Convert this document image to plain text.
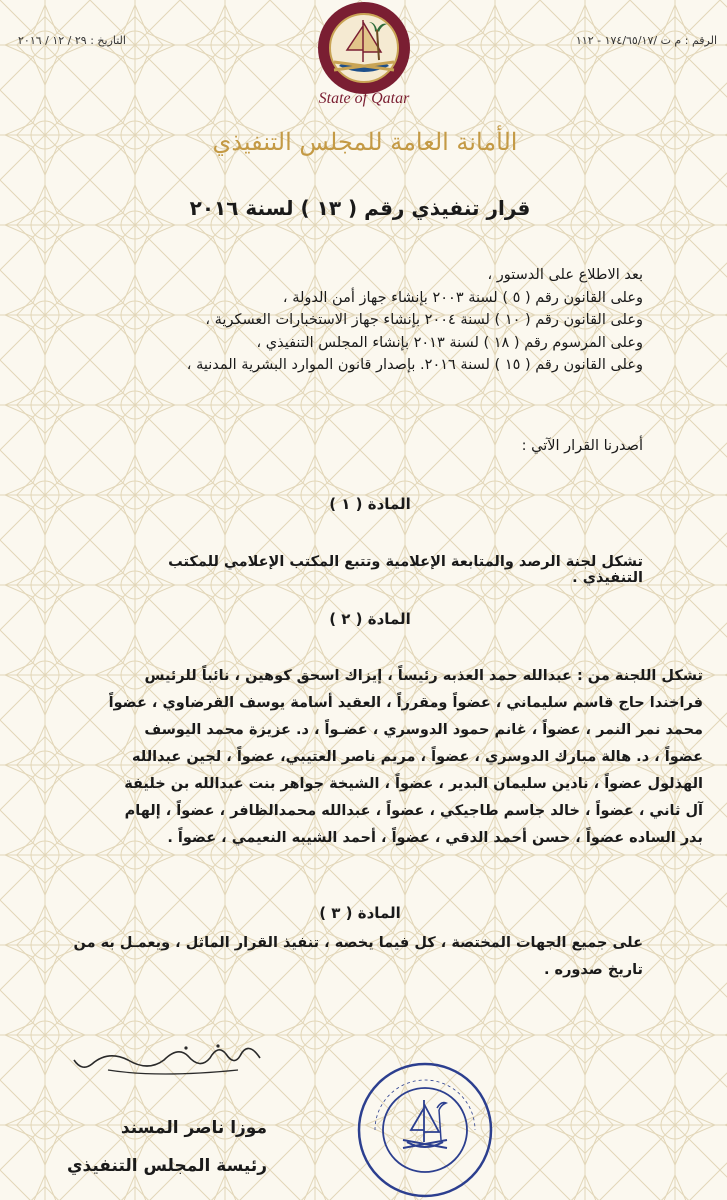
الرقم : م ت /١٧٤/٦٥/١٧ - ١١٢
التاريخ : ٢٩ / ١٢ / ٢٠١٦
State of Qatar
الأمانة العامة للمجلس التنفيذي
قرار تنفيذي رقم ( ١٣ ) لسنة ٢٠١٦
بعد الاطلاع على الدستور ،
وعلى القانون رقم ( ٥ ) لسنة ٢٠٠٣ بإنشاء جهاز أمن الدولة ،
وعلى القانون رقم ( ١٠ ) لسنة ٢٠٠٤ بإنشاء جهاز الاستخبارات العسكرية ،
وعلى المرسوم رقم ( ١٨ ) لسنة ٢٠١٣ بإنشاء المجلس التنفيذي ،
وعلى القانون رقم ( ١٥ ) لسنة ٢٠١٦. بإصدار قانون الموارد البشرية المدنية ،
أصدرنا القرار الآتي :
المادة ( ١ )
تشكل لجنة الرصد والمتابعة الإعلامية وتتبع المكتب الإعلامي للمكتب التنفيذي .
المادة ( ٢ )
تشكل اللجنة من : عبدالله حمد العذبه رئيساً ، إيزاك اسحق كوهين ، نائباً للرئيس
فراخندا حاج قاسم سليماني ، عضواً ومقرراً ، العقيد أسامة يوسف القرضاوي ، عضواً
محمد نمر النمر ، عضواً ، غانم حمود الدوسري ، عضـواً ، د. عزيزة محمد اليوسف
عضواً ، د. هالة مبارك الدوسري ، عضواً ، مريم ناصر العتيبي، عضواً ، لجين عبدالله
الهذلول عضواً ، نادين سليمان البدير ، عضواً ، الشيخة جواهر بنت عبدالله بن خليفة
آل ثاني ، عضواً ، خالد جاسم طاجيكي ، عضواً ، عبدالله محمدالظافر ، عضواً ، إلهام
بدر الساده عضواً ، حسن أحمد الدقي ، عضواً ، أحمد الشيبه النعيمي ، عضواً .
المادة ( ٣ )
على جميع الجهات المختصة ، كل فيما يخصه ، تنفيذ القرار الماثل ، ويعمـل به من
تاريخ صدوره .
موزا ناصر المسند
رئيسة المجلس التنفيذي
